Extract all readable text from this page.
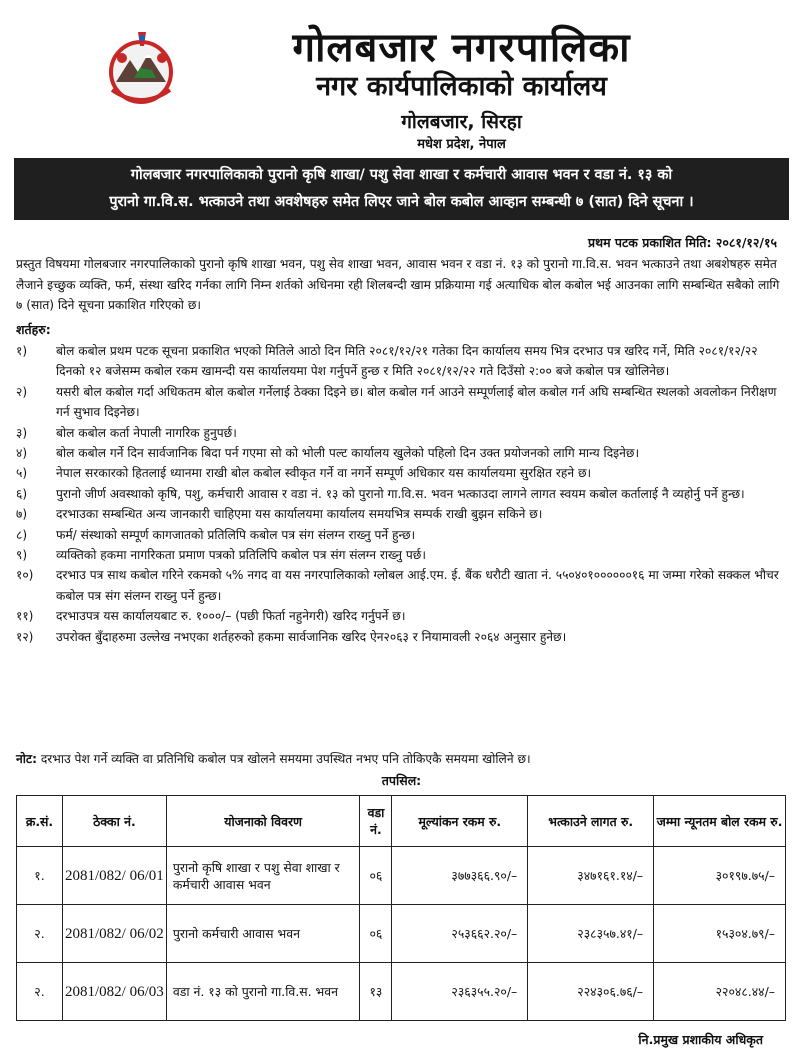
गोलबजार नगरपालिका
नगर कार्यपालिकाको कार्यालय
गोलबजार, सिरहा
मधेश प्रदेश, नेपाल
गोलबजार नगरपालिकाको पुरानो कृषि शाखा/ पशु सेवा शाखा र कर्मचारी आवास भवन र वडा नं. १३ को
पुरानो गा.वि.स. भत्काउने तथा अवशेषहरु समेत लिएर जाने बोल कबोल आव्हान सम्बन्धी ७ (सात) दिने सूचना ।
प्रथम पटक प्रकाशित मिति: २०८१/१२/१५
प्रस्तुत विषयमा गोलबजार नगरपालिकाको पुरानो कृषि शाखा भवन, पशु सेव शाखा भवन, आवास भवन र वडा नं. १३ को पुरानो गा.वि.स. भवन भत्काउने तथा अबशेषहरु समेत लैजाने इच्छुक व्यक्ति, फर्म, संस्था खरिद गर्नका लागि निम्न शर्तको अधिनमा रही शिलबन्दी खाम प्रक्रियामा गई अत्याधिक बोल कबोल भई आउनका लागि सम्बन्धित सबैको लागि ७ (सात) दिने सूचना प्रकाशित गरिएको छ।
शर्तहरु:
१)	बोल कबोल प्रथम पटक सूचना प्रकाशित भएको मितिले आठो दिन मिति २०८१/१२/२१ गतेका दिन कार्यालय समय भित्र दरभाउ पत्र खरिद गर्ने, मिति २०८१/१२/२२ दिनको १२ बजेसम्म कबोल रकम खामन्दी यस कार्यालयमा पेश गर्नुपर्ने हुन्छ र मिति २०८१/१२/२२ गते दिउँसो २:०० बजे कबोल पत्र खोलिनेछ।
२)	यसरी बोल कबोल गर्दा अधिकतम बोल कबोल गर्नेलाई ठेक्का दिइने छ। बोल कबोल गर्न आउने सम्पूर्णलाई बोल कबोल गर्न अघि सम्बन्धित स्थलको अवलोकन निरीक्षण गर्न सुभाव दिइनेछ।
३)	बोल कबोल कर्ता नेपाली नागरिक हुनुपर्छ।
४)	बोल कबोल गर्ने दिन सार्वजानिक बिदा पर्न गएमा सो को भोली पल्ट कार्यालय खुलेको पहिलो दिन उक्त प्रयोजनको लागि मान्य दिइनेछ।
५)	नेपाल सरकारको हितलाई ध्यानमा राखी बोल कबोल स्वीकृत गर्ने वा नगर्ने सम्पूर्ण अधिकार यस कार्यालयमा सुरक्षित रहने छ।
६)	पुरानो जीर्ण अवस्थाको कृषि, पशु, कर्मचारी आवास र वडा नं. १३ को पुरानो गा.वि.स. भवन भत्काउदा लागने लागत स्वयम कबोल कर्तालाई नै व्यहोर्नु पर्ने हुन्छ।
७)	दरभाउका सम्बन्धित अन्य जानकारी चाहिएमा यस कार्यालयमा कार्यालय समयभित्र सम्पर्क राखी बुझन सकिने छ।
८)	फर्म/ संस्थाको सम्पूर्ण कागजातको प्रतिलिपि कबोल पत्र संग संलग्न राख्नु पर्ने हुन्छ।
९)	व्यक्तिको हकमा नागरिकता प्रमाण पत्रको प्रतिलिपि कबोल पत्र संग संलग्न राख्नु पर्छ।
१०)	दरभाउ पत्र साथ कबोल गरिने रकमको ५% नगद वा यस नगरपालिकाको ग्लोबल आई.एम. ई. बैंक धरौटी खाता नं. ५५०४०१००००००१६ मा जम्मा गरेको सक्कल भौचर कबोल पत्र संग संलग्न राख्नु पर्ने हुन्छ।
११)	दरभाउपत्र यस कार्यालयबाट रु. १०००/– (पछी फिर्ता नहुनेगरी) खरिद गर्नुपर्ने छ।
१२)	उपरोक्त बुँदाहरुमा उल्लेख नभएका शर्तहरुको हकमा सार्वजानिक खरिद ऐन२०६३ र नियामावली २०६४ अनुसार हुनेछ।
नोट: दरभाउ पेश गर्ने व्यक्ति वा प्रतिनिधि कबोल पत्र खोलने समयमा उपस्थित नभए पनि तोकिएकै समयमा खोलिने छ।
तपसिल:
क्र.सं.	ठेक्का नं.	योजनाको विवरण	वडा नं.	मूल्यांकन रकम रु.	भत्काउने लागत रु.	जम्मा न्यूनतम बोल रकम रु.
१.	2081/082/ 06/01	पुरानो कृषि शाखा र पशु सेवा शाखा र कर्मचारी आवास भवन	०६	३७७३६६.९०/–	३४७१६१.१४/–	३०१९७.७५/–
२.	2081/082/ 06/02	पुरानो कर्मचारी आवास भवन	०६	२५३६६२.२०/–	२३८३५७.४१/–	१५३०४.७९/–
२.	2081/082/ 06/03	वडा नं. १३ को पुरानो गा.वि.स. भवन	१३	२३६३५५.२०/–	२२४३०६.७६/–	२२०४८.४४/–
नि.प्रमुख प्रशाकीय अधिकृत
